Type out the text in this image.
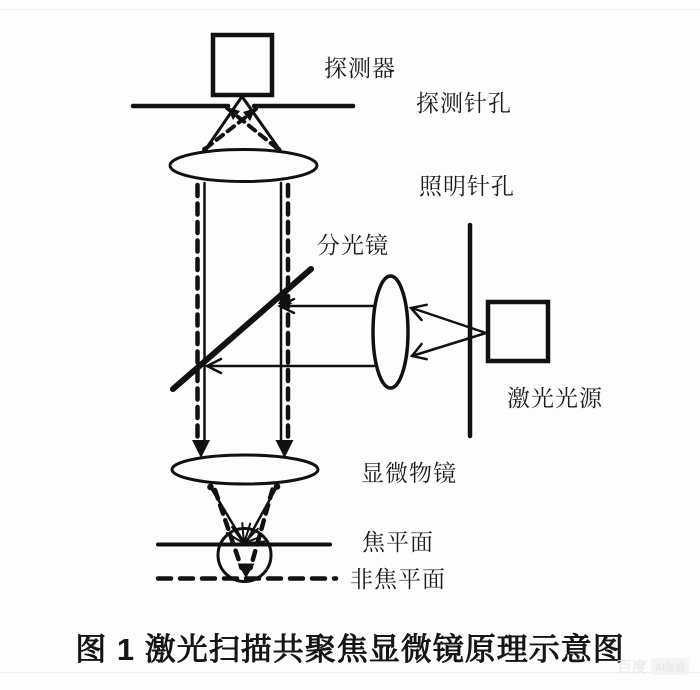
探测器
探测针孔
照明针孔
分光镜
激光光源
显微物镜
焦平面
非焦平面
图 1 激光扫描共聚焦显微镜原理示意图
百度 AI生成
